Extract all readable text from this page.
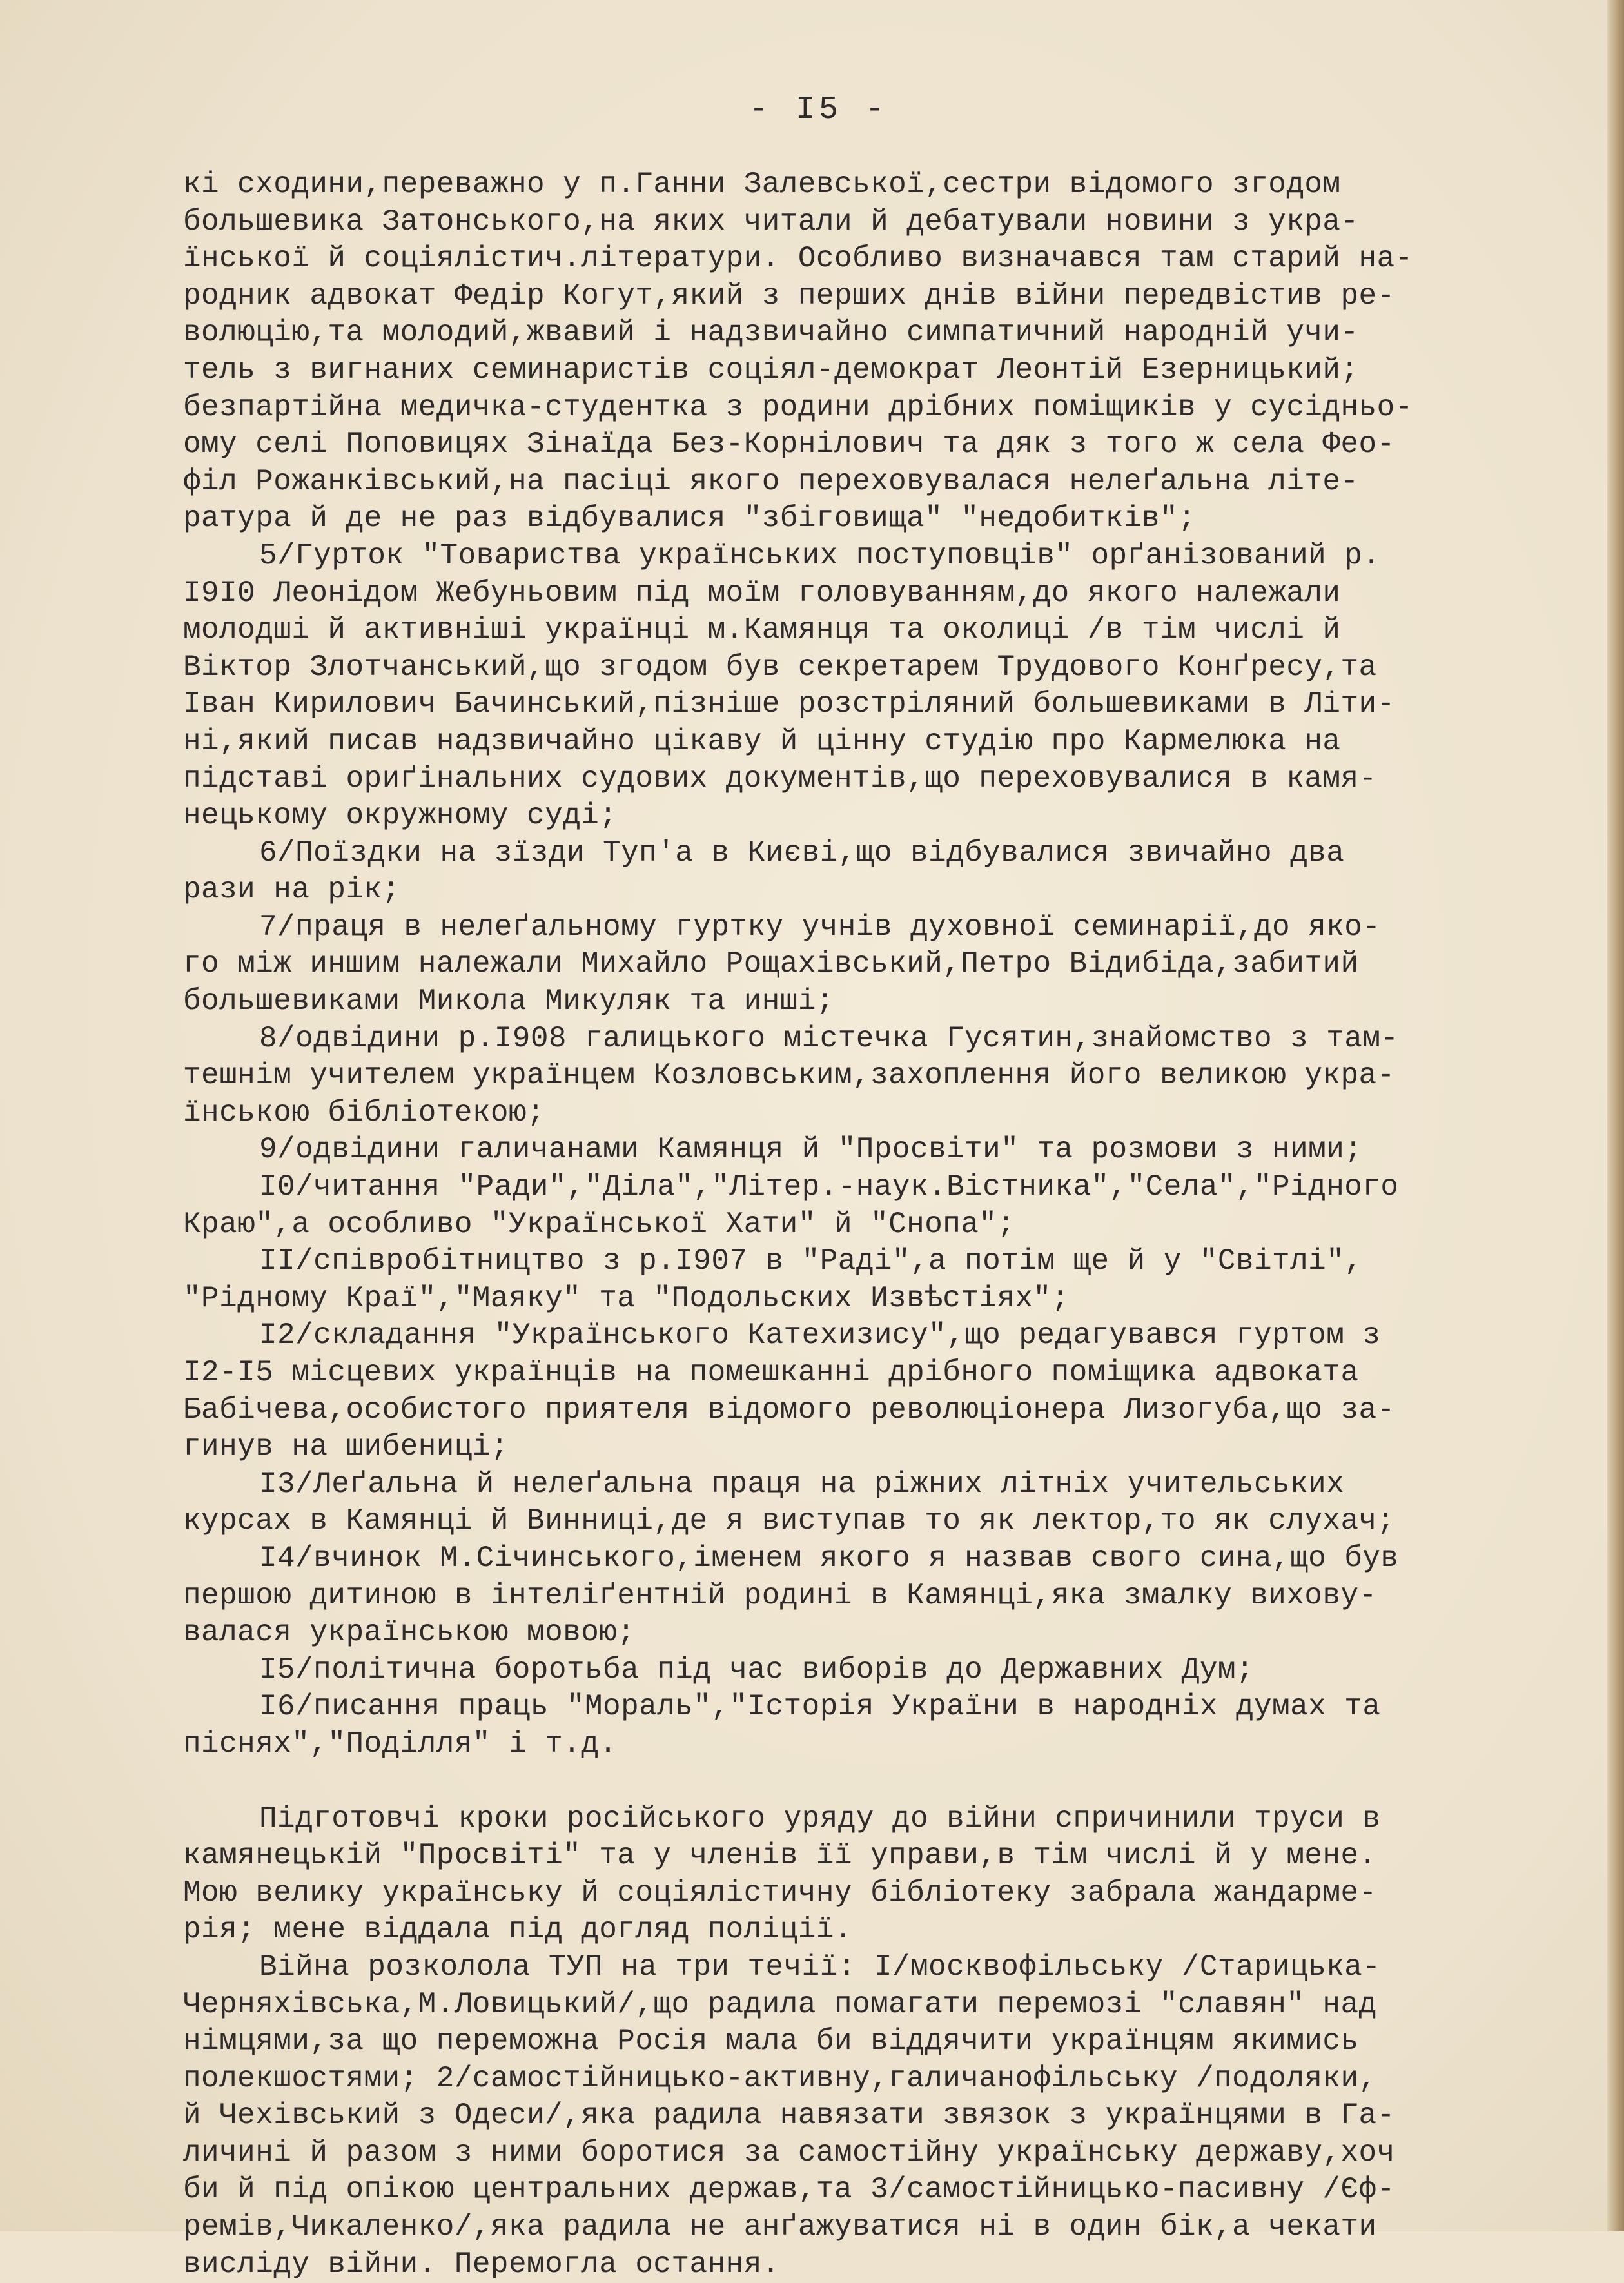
- I5 -
кі сходини,переважно у п.Ганни Залевської,сестри відомого згодом
большевика Затонського,на яких читали й дебатували новини з укра-
їнської й соціялістич.літератури. Особливо визначався там старий на-
родник адвокат Федір Когут,який з перших днів війни передвістив ре-
волюцію,та молодий,жвавий і надзвичайно симпатичний народній учи-
тель з вигнаних семинаристів соціял-демократ Леонтій Езерницький;
безпартійна медичка-студентка з родини дрібних поміщиків у сусідньо-
ому селі Поповицях Зінаїда Без-Корнілович та дяк з того ж села Фео-
філ Рожанківський,на пасіці якого переховувалася нелеґальна літе-
ратура й де не раз відбувалися "збіговища" "недобитків";
5/Гурток "Товариства українських поступовців" орґанізований р.
I9I0 Леонідом Жебуньовим під моїм головуванням,до якого належали
молодші й активніші українці м.Камянця та околиці /в тім числі й
Віктор Злотчанський,що згодом був секретарем Трудового Конґресу,та
Іван Кирилович Бачинський,пізніше розстріляний большевиками в Літи-
ні,який писав надзвичайно цікаву й цінну студію про Кармелюка на
підставі ориґінальних судових документів,що переховувалися в камя-
нецькому окружному суді;
6/Поїздки на зїзди Туп'а в Києві,що відбувалися звичайно два
рази на рік;
7/праця в нелеґальному гуртку учнів духовної семинарії,до яко-
го між иншим належали Михайло Рощахівський,Петро Відибіда,забитий
большевиками Микола Микуляк та инші;
8/одвідини р.I908 галицького містечка Гусятин,знайомство з там-
тешнім учителем українцем Козловським,захоплення його великою укра-
їнською бібліотекою;
9/одвідини галичанами Камянця й "Просвіти" та розмови з ними;
I0/читання "Ради","Діла","Літер.-наук.Вістника","Села","Рідного
Краю",а особливо "Української Хати" й "Снопа";
II/співробітництво з р.I907 в "Раді",а потім ще й у "Світлі",
"Рідному Краї","Маяку" та "Подольских Извѣстіях";
I2/складання "Українського Катехизису",що редагувався гуртом з
I2-I5 місцевих українців на помешканні дрібного поміщика адвоката
Бабічева,особистого приятеля відомого революціонера Лизогуба,що за-
гинув на шибениці;
I3/Леґальна й нелеґальна праця на ріжних літніх учительських
курсах в Камянці й Винниці,де я виступав то як лектор,то як слухач;
I4/вчинок М.Січинського,іменем якого я назвав свого сина,що був
першою дитиною в інтеліґентній родині в Камянці,яка змалку вихову-
валася українською мовою;
I5/політична боротьба під час виборів до Державних Дум;
I6/писання праць "Мораль","Історія України в народніх думах та
піснях","Поділля" і т.д.
Підготовчі кроки російського уряду до війни спричинили труси в
камянецькій "Просвіті" та у членів її управи,в тім числі й у мене.
Мою велику українську й соціялістичну бібліотеку забрала жандарме-
рія; мене віддала під догляд поліції.
Війна розколола ТУП на три течії: I/москвофільську /Старицька-
Черняхівська,М.Ловицький/,що радила помагати перемозі "славян" над
німцями,за що переможна Росія мала би віддячити українцям якимись
полекшостями; 2/самостійницько-активну,галичанофільську /подоляки,
й Чехівський з Одеси/,яка радила навязати звязок з українцями в Га-
личині й разом з ними боротися за самостійну українську державу,хоч
би й під опікою центральних держав,та 3/самостійницько-пасивну /Єф-
ремів,Чикаленко/,яка радила не анґажуватися ні в один бік,а чекати
висліду війни. Перемогла остання.
